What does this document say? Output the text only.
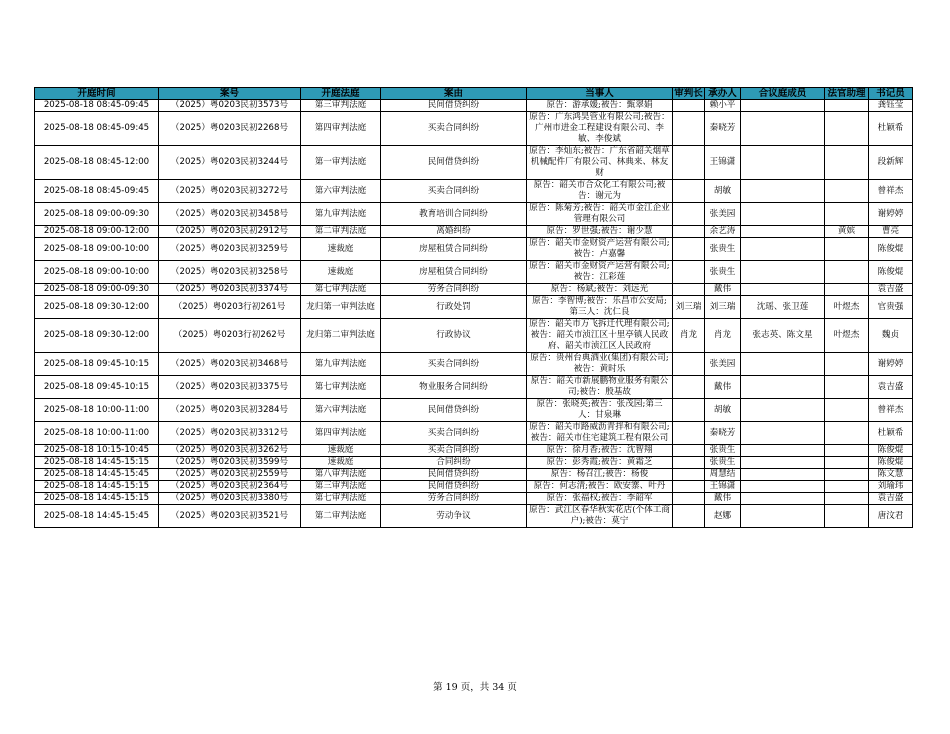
开庭时间	案号	开庭法庭	案由	当事人	审判长	承办人	合议庭成员	法官助理	书记员
2025-08-18 08:45-09:45	（2025）粤0203民初3573号	第三审判法庭	民间借贷纠纷	原告：游承媛;被告：甄翠娟		赖小平			龚钰莹
2025-08-18 08:45-09:45	（2025）粤0203民初2268号	第四审判法庭	买卖合同纠纷	原告：广东鸿昊管业有限公司;被告：广州市进金工程建设有限公司、李敏、李俊斌		秦晓芳			杜颖希
2025-08-18 08:45-12:00	（2025）粤0203民初3244号	第一审判法庭	民间借贷纠纷	原告：李灿东;被告：广东省韶关烟草机械配件厂有限公司、林典来、林友财		王锦潇			段新辉
2025-08-18 08:45-09:45	（2025）粤0203民初3272号	第六审判法庭	买卖合同纠纷	原告：韶关市合众化工有限公司;被告：谢元为		胡敏			曾祥杰
2025-08-18 09:00-09:30	（2025）粤0203民初3458号	第九审判法庭	教育培训合同纠纷	原告：陈菊芳;被告：韶关市金江企业管理有限公司		张美园			谢婷婷
2025-08-18 09:00-12:00	（2025）粤0203民初2912号	第二审判法庭	离婚纠纷	原告：罗世强;被告：谢少慧		余艺涛		黄嫔	曹亮
2025-08-18 09:00-10:00	（2025）粤0203民初3259号	速裁庭	房屋租赁合同纠纷	原告：韶关市金财资产运营有限公司;被告：卢嘉馨		张贵生			陈俊焜
2025-08-18 09:00-10:00	（2025）粤0203民初3258号	速裁庭	房屋租赁合同纠纷	原告：韶关市金财资产运营有限公司;被告：江彩莲		张贵生			陈俊焜
2025-08-18 09:00-09:30	（2025）粤0203民初3374号	第七审判法庭	劳务合同纠纷	原告：杨斌;被告：刘远光		戴伟			袁吉盛
2025-08-18 09:30-12:00	（2025）粤0203行初261号	龙归第一审判法庭	行政处罚	原告：李智博;被告：乐昌市公安局;第三人：沈仁良	刘三瑞	刘三瑞	沈瑶、张卫莲	叶煜杰	官贵强
2025-08-18 09:30-12:00	（2025）粤0203行初262号	龙归第二审判法庭	行政协议	原告：韶关市万飞拆迁代理有限公司;被告：韶关市浈江区十里亭镇人民政府、韶关市浈江区人民政府	肖龙	肖龙	张志英、陈文星	叶煜杰	魏贞
2025-08-18 09:45-10:15	（2025）粤0203民初3468号	第九审判法庭	买卖合同纠纷	原告：贵州台典酒业(集团)有限公司;被告：黄时乐		张美园			谢婷婷
2025-08-18 09:45-10:15	（2025）粤0203民初3375号	第七审判法庭	物业服务合同纠纷	原告：韶关市新展鹏物业服务有限公司;被告：殷基故		戴伟			袁吉盛
2025-08-18 10:00-11:00	（2025）粤0203民初3284号	第六审判法庭	民间借贷纠纷	原告：张晓英;被告：张茂园;第三人：甘泉琳		胡敏			曾祥杰
2025-08-18 10:00-11:00	（2025）粤0203民初3312号	第四审判法庭	买卖合同纠纷	原告：韶关市路威沥青拌和有限公司;被告：韶关市住宅建筑工程有限公司		秦晓芳			杜颖希
2025-08-18 10:15-10:45	（2025）粤0203民初3262号	速裁庭	买卖合同纠纷	原告：徐月香;被告：沈智翔		张贵生			陈俊焜
2025-08-18 14:45-15:15	（2025）粤0203民初3599号	速裁庭	合同纠纷	原告：彭秀霞;被告：黄霜芝		张贵生			陈俊焜
2025-08-18 14:45-15:45	（2025）粤0203民初2559号	第八审判法庭	民间借贷纠纷	原告：杨召江;被告：杨俊		周慧结			陈文慧
2025-08-18 14:45-15:15	（2025）粤0203民初2364号	第三审判法庭	民间借贷纠纷	原告：何志清;被告：欧安寨、叶丹		王锦潇			刘瑜玮
2025-08-18 14:45-15:15	（2025）粤0203民初3380号	第七审判法庭	劳务合同纠纷	原告：张福权;被告：李韶军		戴伟			袁吉盛
2025-08-18 14:45-15:45	（2025）粤0203民初3521号	第二审判法庭	劳动争议	原告：武江区春华秋实花店(个体工商户);被告：莫宁		赵娜			唐汶君
第 19 页，共 34 页
